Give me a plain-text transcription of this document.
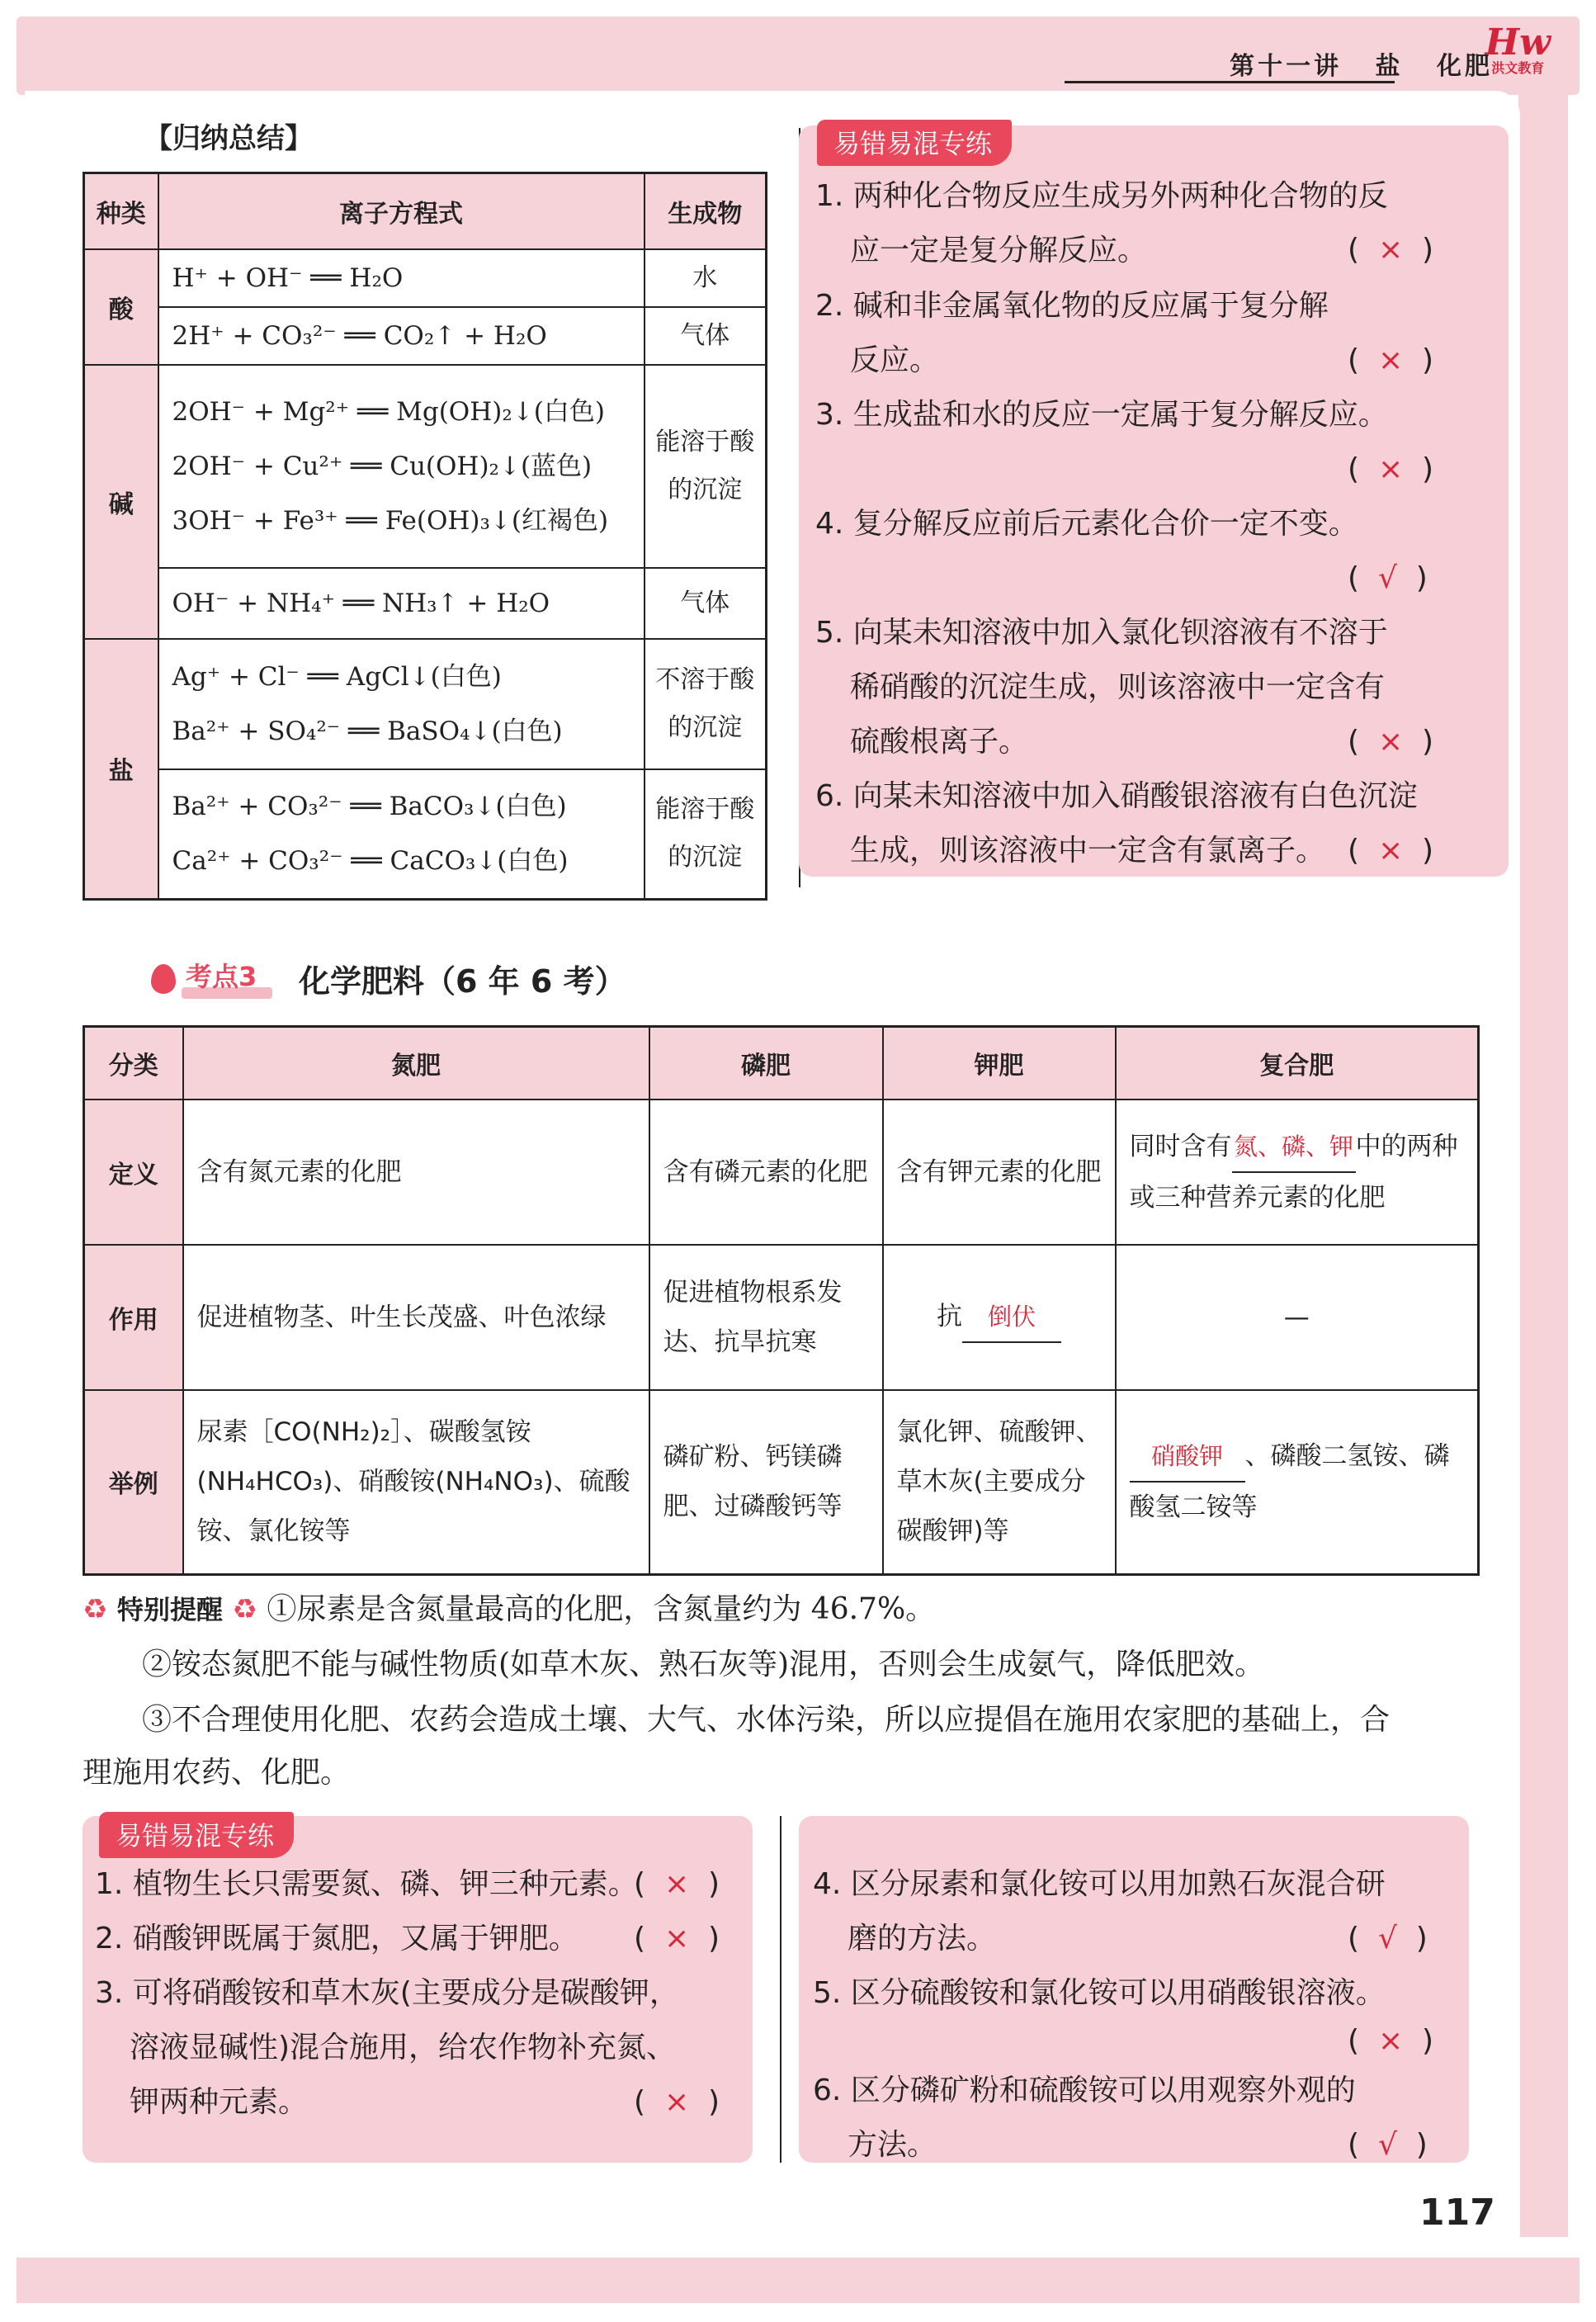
第十一讲 盐 化肥
Hw
洪文教育
【归纳总结】
种类	离子方程式	生成物
酸	H⁺ + OH⁻ ══ H₂O	水
	2H⁺ + CO₃²⁻ ══ CO₂↑ + H₂O	气体
碱	2OH⁻ + Mg²⁺ ══ Mg(OH)₂↓(白色)
2OH⁻ + Cu²⁺ ══ Cu(OH)₂↓(蓝色)
3OH⁻ + Fe³⁺ ══ Fe(OH)₃↓(红褐色)	能溶于酸的沉淀
	OH⁻ + NH₄⁺ ══ NH₃↑ + H₂O	气体
盐	Ag⁺ + Cl⁻ ══ AgCl↓(白色)
Ba²⁺ + SO₄²⁻ ══ BaSO₄↓(白色)	不溶于酸的沉淀

	Ba²⁺ + CO₃²⁻ ══ BaCO₃↓(白色)
Ca²⁺ + CO₃²⁻ ══ CaCO₃↓(白色)	能溶于酸的沉淀
易错易混专练
1. 两种化合物反应生成另外两种化合物的反
应一定是复分解反应。	(  ×  )
2. 碱和非金属氧化物的反应属于复分解
反应。	(  ×  )
3. 生成盐和水的反应一定属于复分解反应。
(  ×  )
4. 复分解反应前后元素化合价一定不变。
(  √  )
5. 向某未知溶液中加入氯化钡溶液有不溶于
稀硝酸的沉淀生成，则该溶液中一定含有
硫酸根离子。	(  ×  )
6. 向某未知溶液中加入硝酸银溶液有白色沉淀
生成，则该溶液中一定含有氯离子。 (  ×  )
考点3	化学肥料（6 年 6 考）
分类	氮肥	磷肥	钾肥	复合肥
定义	含有氮元素的化肥	含有磷元素的化肥	含有钾元素的化肥	同时含有氮、磷、钾中的两种或三种营养元素的化肥
作用	促进植物茎、叶生长茂盛、叶色浓绿	促进植物根系发达、抗旱抗寒	抗 倒伏	—
举例	尿素［CO(NH₂)₂］、碳酸氢铵(NH₄HCO₃)、硝酸铵(NH₄NO₃)、硫酸铵、氯化铵等	磷矿粉、钙镁磷肥、过磷酸钙等	氯化钾、硫酸钾、草木灰(主要成分碳酸钾)等	硝酸钾 、磷酸二氢铵、磷酸氢二铵等
♻ 特别提醒 ♻ ①尿素是含氮量最高的化肥，含氮量约为 46.7%。
②铵态氮肥不能与碱性物质(如草木灰、熟石灰等)混用，否则会生成氨气，降低肥效。
③不合理使用化肥、农药会造成土壤、大气、水体污染，所以应提倡在施用农家肥的基础上，合
理施用农药、化肥。
易错易混专练
1. 植物生长只需要氮、磷、钾三种元素。
(  ×  )
2. 硝酸钾既属于氮肥，又属于钾肥。 (  ×  )
3. 可将硝酸铵和草木灰(主要成分是碳酸钾，
溶液显碱性)混合施用，给农作物补充氮、
钾两种元素。	(  ×  )
4. 区分尿素和氯化铵可以用加熟石灰混合研
磨的方法。	(  √  )
5. 区分硫酸铵和氯化铵可以用硝酸银溶液。
(  ×  )
6. 区分磷矿粉和硫酸铵可以用观察外观的
方法。	(  √  )
117
